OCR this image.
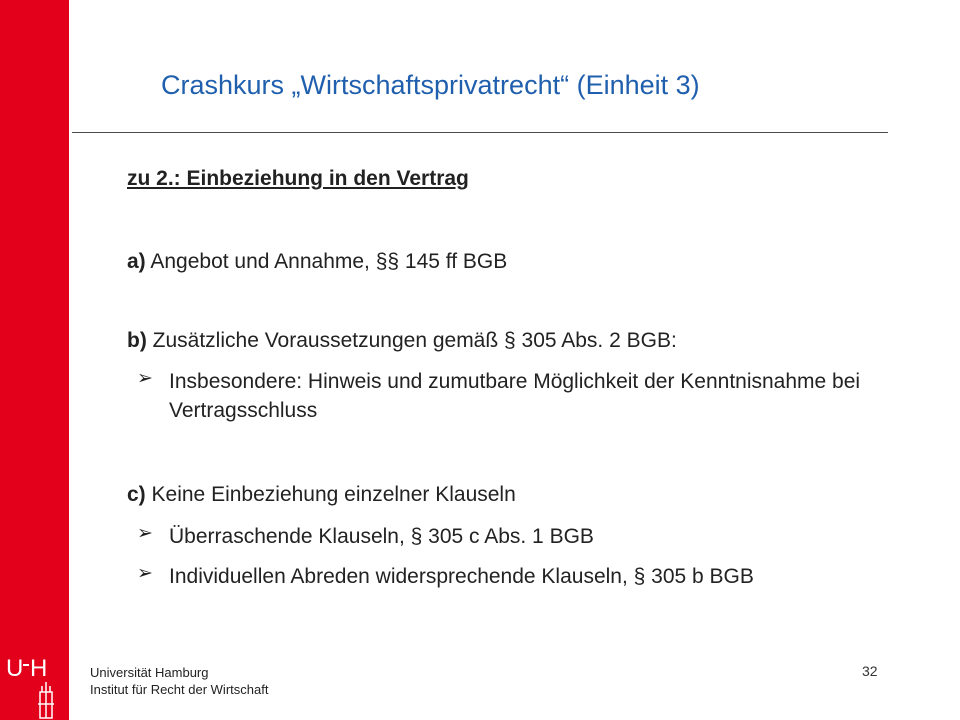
Crashkurs „Wirtschaftsprivatrecht“ (Einheit 3)
zu 2.: Einbeziehung in den Vertrag
a) Angebot und Annahme, §§ 145 ff BGB
b) Zusätzliche Voraussetzungen gemäß § 305 Abs. 2 BGB:
➢ Insbesondere: Hinweis und zumutbare Möglichkeit der Kenntnisnahme bei Vertragsschluss
c) Keine Einbeziehung einzelner Klauseln
➢ Überraschende Klauseln, § 305 c Abs. 1 BGB
➢ Individuellen Abreden widersprechende Klauseln, § 305 b BGB
U H	Universität Hamburg
Institut für Recht der Wirtschaft
32
